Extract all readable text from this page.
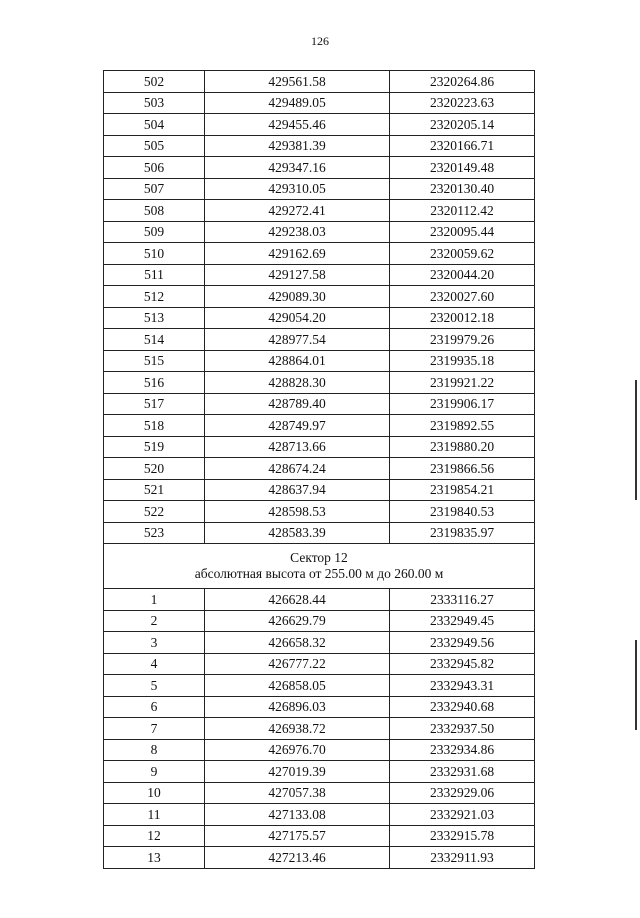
126
502	429561.58	2320264.86
503	429489.05	2320223.63
504	429455.46	2320205.14
505	429381.39	2320166.71
506	429347.16	2320149.48
507	429310.05	2320130.40
508	429272.41	2320112.42
509	429238.03	2320095.44
510	429162.69	2320059.62
511	429127.58	2320044.20
512	429089.30	2320027.60
513	429054.20	2320012.18
514	428977.54	2319979.26
515	428864.01	2319935.18
516	428828.30	2319921.22
517	428789.40	2319906.17
518	428749.97	2319892.55
519	428713.66	2319880.20
520	428674.24	2319866.56
521	428637.94	2319854.21
522	428598.53	2319840.53
523	428583.39	2319835.97

Сектор 12
абсолютная высота от 255.00 м до 260.00 м		

1	426628.44	2333116.27
2	426629.79	2332949.45
3	426658.32	2332949.56
4	426777.22	2332945.82
5	426858.05	2332943.31
6	426896.03	2332940.68
7	426938.72	2332937.50
8	426976.70	2332934.86
9	427019.39	2332931.68
10	427057.38	2332929.06
11	427133.08	2332921.03
12	427175.57	2332915.78
13	427213.46	2332911.93
